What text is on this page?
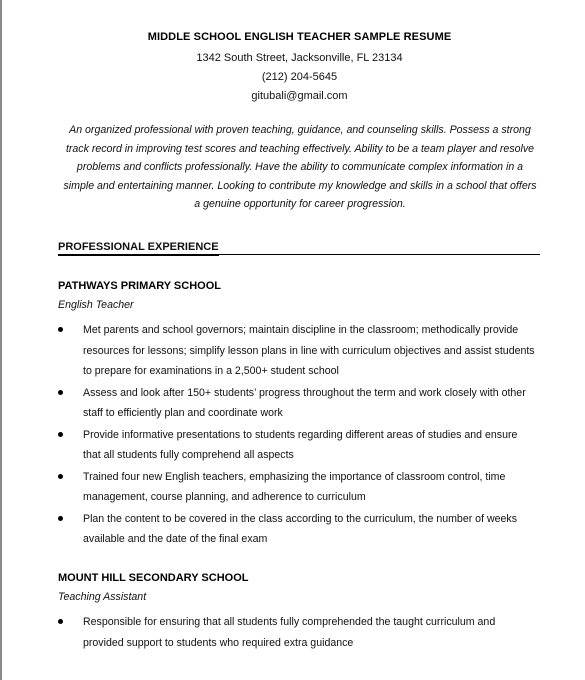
MIDDLE SCHOOL ENGLISH TEACHER SAMPLE RESUME
1342 South Street, Jacksonville, FL 23134
(212) 204-5645
gitubali@gmail.com
An organized professional with proven teaching, guidance, and counseling skills. Possess a strong
track record in improving test scores and teaching effectively. Ability to be a team player and resolve
problems and conflicts professionally. Have the ability to communicate complex information in a
simple and entertaining manner. Looking to contribute my knowledge and skills in a school that offers
a genuine opportunity for career progression.
PROFESSIONAL EXPERIENCE
PATHWAYS PRIMARY SCHOOL
English Teacher
Met parents and school governors; maintain discipline in the classroom; methodically provide
resources for lessons; simplify lesson plans in line with curriculum objectives and assist students
to prepare for examinations in a 2,500+ student school
Assess and look after 150+ students’ progress throughout the term and work closely with other
staff to efficiently plan and coordinate work
Provide informative presentations to students regarding different areas of studies and ensure
that all students fully comprehend all aspects
Trained four new English teachers, emphasizing the importance of classroom control, time
management, course planning, and adherence to curriculum
Plan the content to be covered in the class according to the curriculum, the number of weeks
available and the date of the final exam
MOUNT HILL SECONDARY SCHOOL
Teaching Assistant
Responsible for ensuring that all students fully comprehended the taught curriculum and
provided support to students who required extra guidance
